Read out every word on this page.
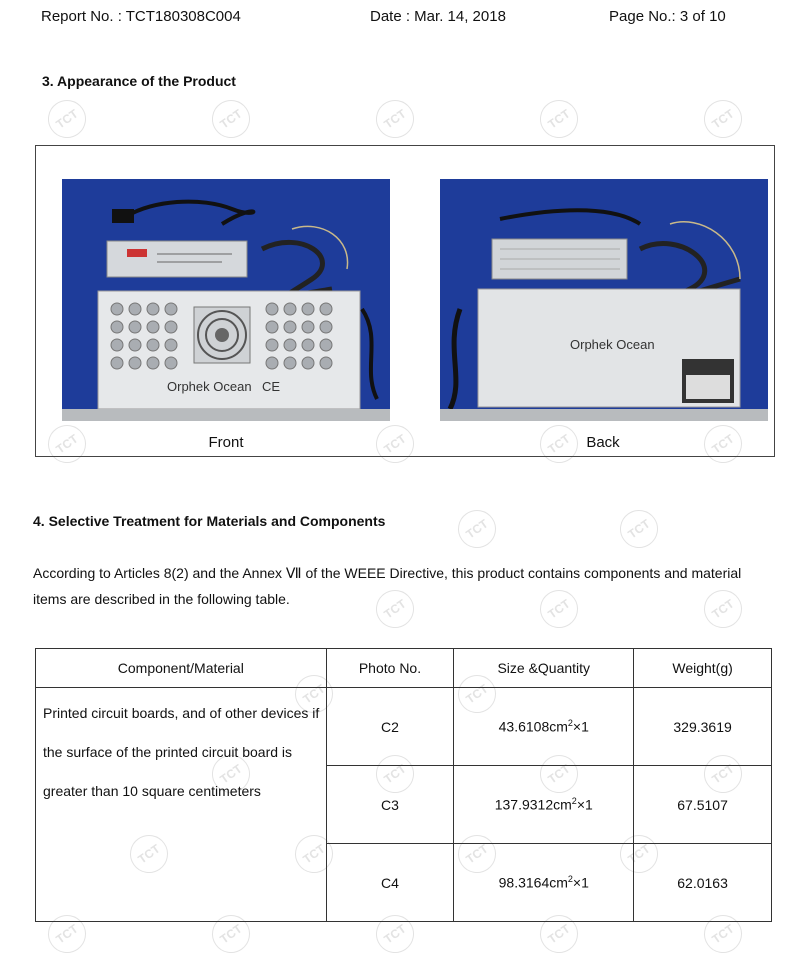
TCT	TCT	TCT	TCT	TCT
TCT	TCT	TCT	TCT
TCT	TCT
TCT	TCT	TCT
TCT	TCT
TCT	TCT	TCT	TCT
TCT	TCT	TCT	TCT
TCT	TCT	TCT	TCT	TCT
Report No. : TCT180308C004	Date : Mar. 14, 2018	Page No.: 3 of 10
3. Appearance of the Product
Orphek Ocean CE
Front
Orphek Ocean
Back
4. Selective Treatment for Materials and Components
According to Articles 8(2) and the Annex Ⅶ of the WEEE Directive, this product contains components and material items are described in the following table.
Component/Material	Photo No.	Size &Quantity	Weight(g)
Printed circuit boards, and of other devices if the surface of the printed circuit board is greater than 10 square centimeters	C2	$43.6108cm^2\times 1$	329.3619
	C3	$137.9312cm^2\times 1$	67.5107
	C4	$98.3164cm^2\times 1$	62.0163
